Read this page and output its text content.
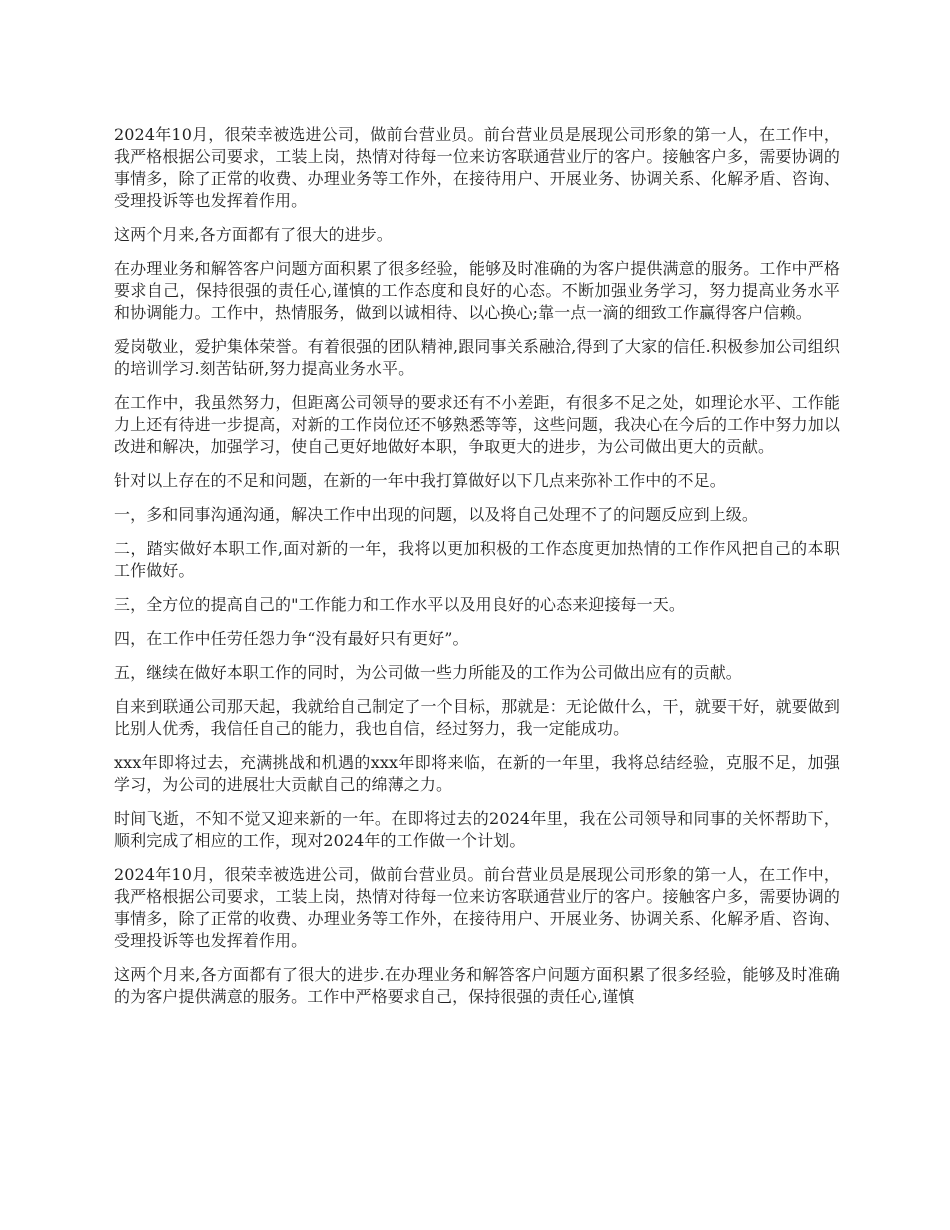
2024年10月，很荣幸被选进公司，做前台营业员。前台营业员是展现公司形象的第一人，在工作中，我严格根据公司要求，工装上岗，热情对待每一位来访客联通营业厅的客户。接触客户多，需要协调的事情多，除了正常的收费、办理业务等工作外，在接待用户、开展业务、协调关系、化解矛盾、咨询、受理投诉等也发挥着作用。

这两个月来,各方面都有了很大的进步。

在办理业务和解答客户问题方面积累了很多经验，能够及时准确的为客户提供满意的服务。工作中严格要求自己，保持很强的责任心,谨慎的工作态度和良好的心态。不断加强业务学习，努力提高业务水平和协调能力。工作中，热情服务，做到以诚相待、以心换心;靠一点一滴的细致工作赢得客户信赖。

爱岗敬业，爱护集体荣誉。有着很强的团队精神,跟同事关系融洽,得到了大家的信任.积极参加公司组织的培训学习.刻苦钻研,努力提高业务水平。

在工作中，我虽然努力，但距离公司领导的要求还有不小差距，有很多不足之处，如理论水平、工作能力上还有待进一步提高，对新的工作岗位还不够熟悉等等，这些问题，我决心在今后的工作中努力加以改进和解决，加强学习，使自己更好地做好本职，争取更大的进步，为公司做出更大的贡献。

针对以上存在的不足和问题，在新的一年中我打算做好以下几点来弥补工作中的不足。

一，多和同事沟通沟通，解决工作中出现的问题，以及将自己处理不了的问题反应到上级。

二，踏实做好本职工作,面对新的一年，我将以更加积极的工作态度更加热情的工作作风把自己的本职工作做好。

三，全方位的提高自己的"工作能力和工作水平以及用良好的心态来迎接每一天。

四，在工作中任劳任怨力争“没有最好只有更好”。

五，继续在做好本职工作的同时，为公司做一些力所能及的工作为公司做出应有的贡献。

自来到联通公司那天起，我就给自己制定了一个目标，那就是：无论做什么，干，就要干好，就要做到比别人优秀，我信任自己的能力，我也自信，经过努力，我一定能成功。

xxx年即将过去，充满挑战和机遇的xxx年即将来临，在新的一年里，我将总结经验，克服不足，加强学习，为公司的进展壮大贡献自己的绵薄之力。

时间飞逝，不知不觉又迎来新的一年。在即将过去的2024年里，我在公司领导和同事的关怀帮助下，顺利完成了相应的工作，现对2024年的工作做一个计划。

2024年10月，很荣幸被选进公司，做前台营业员。前台营业员是展现公司形象的第一人，在工作中，我严格根据公司要求，工装上岗，热情对待每一位来访客联通营业厅的客户。接触客户多，需要协调的事情多，除了正常的收费、办理业务等工作外，在接待用户、开展业务、协调关系、化解矛盾、咨询、受理投诉等也发挥着作用。

这两个月来,各方面都有了很大的进步.在办理业务和解答客户问题方面积累了很多经验，能够及时准确的为客户提供满意的服务。工作中严格要求自己，保持很强的责任心,谨慎
